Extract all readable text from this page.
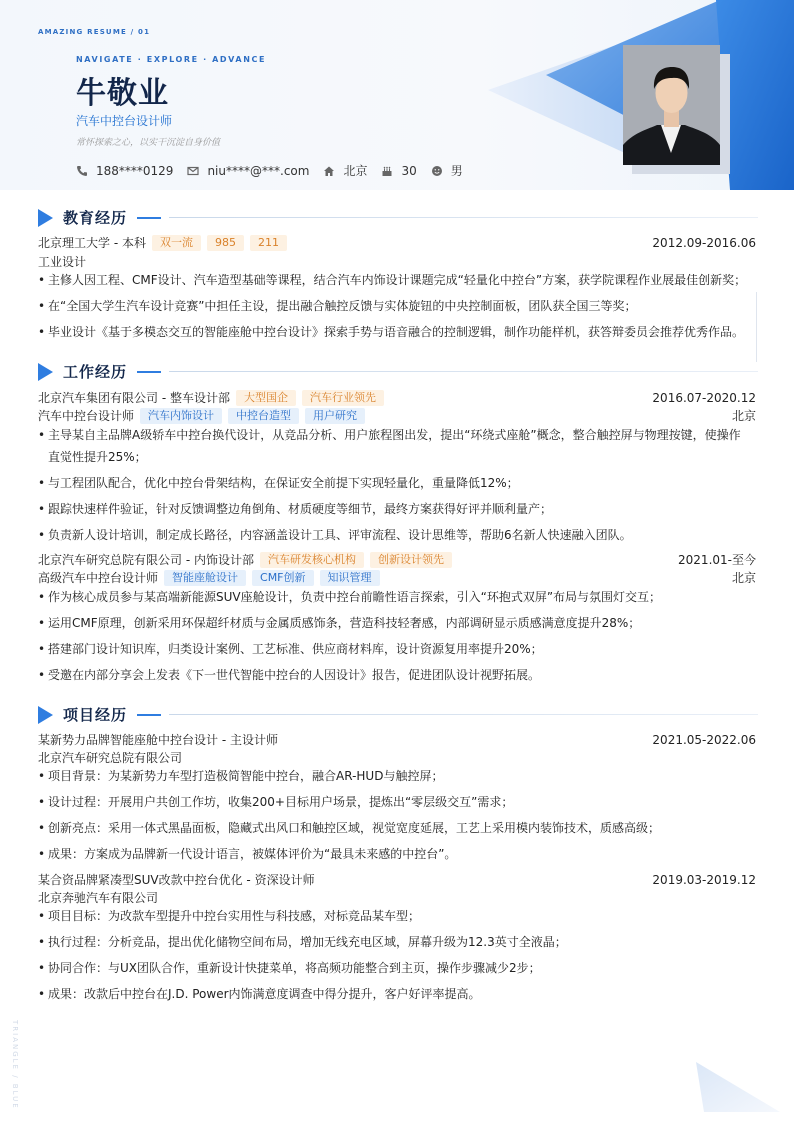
AMAZING RESUME / 01
NAVIGATE · EXPLORE · ADVANCE
牛敬业
汽车中控台设计师
常怀探索之心，以实干沉淀自身价值
188****0129	niu****@***.com	北京	30	男
教育经历
北京理工大学 - 本科	双一流	985	211	2012.09-2016.06
工业设计
• 主修人因工程、CMF设计、汽车造型基础等课程，结合汽车内饰设计课题完成“轻量化中控台”方案，获学院课程作业展最佳创新奖；
• 在“全国大学生汽车设计竞赛”中担任主设，提出融合触控反馈与实体旋钮的中央控制面板，团队获全国三等奖；
• 毕业设计《基于多模态交互的智能座舱中控台设计》探索手势与语音融合的控制逻辑，制作功能样机，获答辩委员会推荐优秀作品。
工作经历
北京汽车集团有限公司 - 整车设计部	大型国企	汽车行业领先	2016.07-2020.12
汽车中控台设计师	汽车内饰设计	中控台造型	用户研究	北京
• 主导某自主品牌A级轿车中控台换代设计，从竞品分析、用户旅程图出发，提出“环绕式座舱”概念，整合触控屏与物理按键，使操作直觉性提升25%；
• 与工程团队配合，优化中控台骨架结构，在保证安全前提下实现轻量化，重量降低12%；
• 跟踪快速样件验证，针对反馈调整边角倒角、材质硬度等细节，最终方案获得好评并顺利量产；
• 负责新人设计培训，制定成长路径，内容涵盖设计工具、评审流程、设计思维等，帮助6名新人快速融入团队。
北京汽车研究总院有限公司 - 内饰设计部	汽车研发核心机构	创新设计领先	2021.01-至今
高级汽车中控台设计师	智能座舱设计	CMF创新	知识管理	北京
• 作为核心成员参与某高端新能源SUV座舱设计，负责中控台前瞻性语言探索，引入“环抱式双屏”布局与氛围灯交互；
• 运用CMF原理，创新采用环保超纤材质与金属质感饰条，营造科技轻奢感，内部调研显示质感满意度提升28%；
• 搭建部门设计知识库，归类设计案例、工艺标准、供应商材料库，设计资源复用率提升20%；
• 受邀在内部分享会上发表《下一世代智能中控台的人因设计》报告，促进团队设计视野拓展。
项目经历
某新势力品牌智能座舱中控台设计 - 主设计师	2021.05-2022.06
北京汽车研究总院有限公司
• 项目背景：为某新势力车型打造极简智能中控台，融合AR-HUD与触控屏；
• 设计过程：开展用户共创工作坊，收集200+目标用户场景，提炼出“零层级交互”需求；
• 创新亮点：采用一体式黑晶面板，隐藏式出风口和触控区域，视觉宽度延展，工艺上采用模内装饰技术，质感高级；
• 成果：方案成为品牌新一代设计语言，被媒体评价为“最具未来感的中控台”。
某合资品牌紧凑型SUV改款中控台优化 - 资深设计师	2019.03-2019.12
北京奔驰汽车有限公司
• 项目目标：为改款车型提升中控台实用性与科技感，对标竞品某车型；
• 执行过程：分析竞品，提出优化储物空间布局，增加无线充电区域，屏幕升级为12.3英寸全液晶；
• 协同合作：与UX团队合作，重新设计快捷菜单，将高频功能整合到主页，操作步骤减少2步；
• 成果：改款后中控台在J.D. Power内饰满意度调查中得分提升，客户好评率提高。
TRIANGLE / BLUE
